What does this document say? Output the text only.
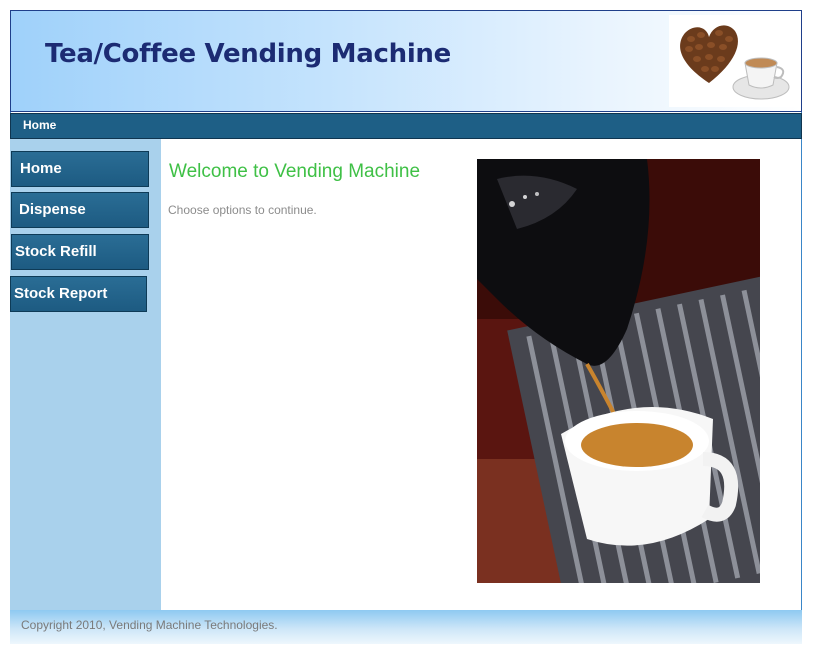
Tea/Coffee Vending Machine
Home
Home
Dispense
Stock Refill
Stock Report
Welcome to Vending Machine
Choose options to continue.
Copyright 2010, Vending Machine Technologies.
